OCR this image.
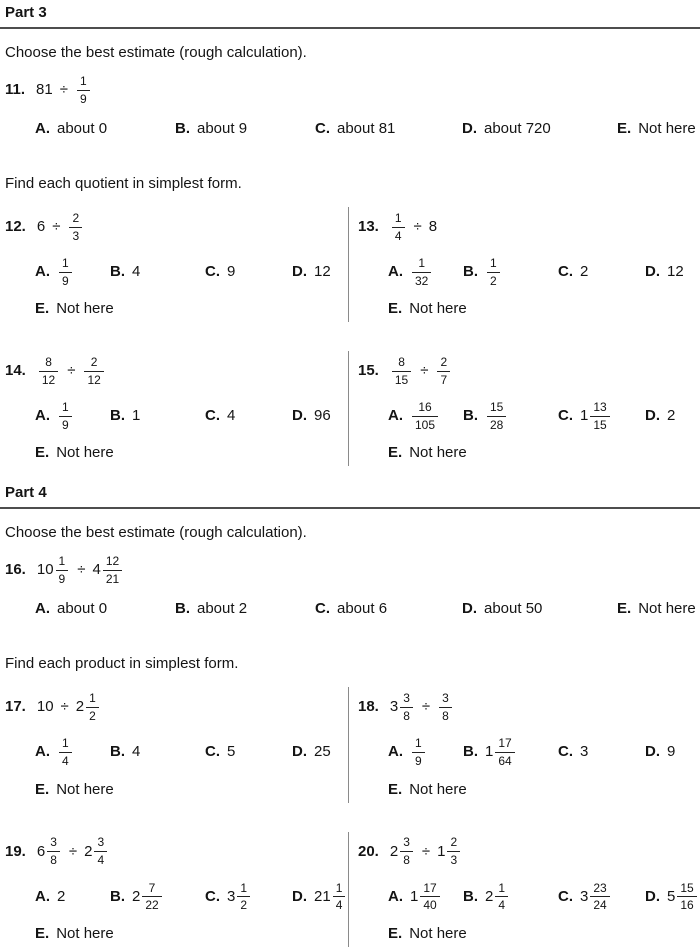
Part 3

Choose the best estimate (rough calculation).

11. $81 \div \frac{1}{9}$
A. about 0	B. about 9	C. about 81	D. about 720	E. Not here

Find each quotient in simplest form.

12. $6 \div \frac{2}{3}$
A. $\frac{1}{9}$	B. 4	C. 9	D. 12
E. Not here
13. $\frac{1}{4} \div 8$
A. $\frac{1}{32} B$. $\frac{1}{2}$	C. 2	D. 12
E. Not here
14. $\frac{8}{12} \div \frac{2}{12}$
A. $\frac{1}{9}$	B. 1	C. 4	D. 96
E. Not here
15. $\frac{8}{15} \div \frac{2}{7}$
A. $\frac{16}{105} B$. $\frac{15}{28}$	C. $1 \frac{13}{15} D$. 2
E. Not here
Part 4

Choose the best estimate (rough calculation).

16. $10 \frac{1}{9} \div 4 \frac{12}{21}$
A. about 0	B. about 2	C. about 6	D. about 50	E. Not here

Find each product in simplest form.

17. $10 \div 2 \frac{1}{2}$
A. $\frac{1}{4}$	B. 4	C. 5	D. 25
E. Not here
18. $3 \frac{3}{8} \div \frac{3}{8}$
A. $\frac{1}{9}$	B. $1 \frac{17}{64}$	C. 3	D. 9
E. Not here
19. $6 \frac{3}{8} \div 2 \frac{3}{4}$
A. 2	B. $2 \frac{7}{22}$	C. $3 \frac{1}{2}$	D. $21 \frac{1}{4}$
E. Not here
20. $2 \frac{3}{8} \div 1 \frac{2}{3}$
A. $1 \frac{17}{40} B$. $2 \frac{1}{4}$	C. $3 \frac{23}{24} D$. $5 \frac{15}{16}$
E. Not here
